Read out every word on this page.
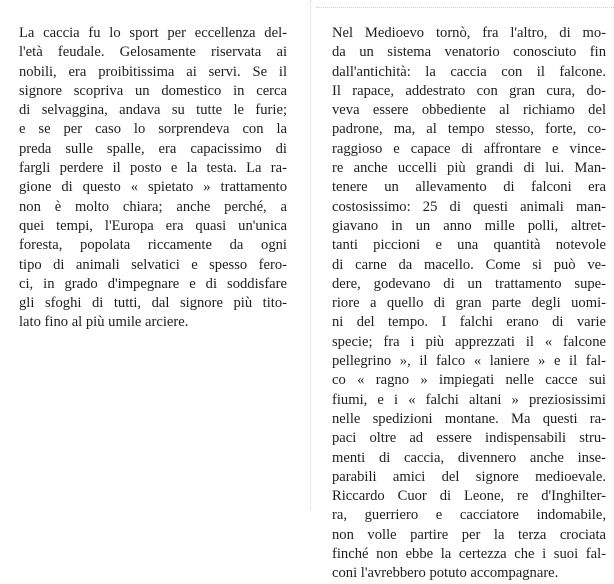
La caccia fu lo sport per eccellenza del-
l'età feudale. Gelosamente riservata ai
nobili, era proibitissima ai servi. Se il
signore scopriva un domestico in cerca
di selvaggina, andava su tutte le furie;
e se per caso lo sorprendeva con la
preda sulle spalle, era capacissimo di
fargli perdere il posto e la testa. La ra-
gione di questo « spietato » trattamento
non è molto chiara; anche perché, a
quei tempi, l'Europa era quasi un'unica
foresta, popolata riccamente da ogni
tipo di animali selvatici e spesso fero-
ci, in grado d'impegnare e di soddisfare
gli sfoghi di tutti, dal signore più tito-
lato fino al più umile arciere.
Nel Medioevo tornò, fra l'altro, di mo-
da un sistema venatorio conosciuto fin
dall'antichità: la caccia con il falcone.
Il rapace, addestrato con gran cura, do-
veva essere obbediente al richiamo del
padrone, ma, al tempo stesso, forte, co-
raggioso e capace di affrontare e vince-
re anche uccelli più grandi di lui. Man-
tenere un allevamento di falconi era
costosissimo: 25 di questi animali man-
giavano in un anno mille polli, altret-
tanti piccioni e una quantità notevole
di carne da macello. Come si può ve-
dere, godevano di un trattamento supe-
riore a quello di gran parte degli uomi-
ni del tempo. I falchi erano di varie
specie; fra i più apprezzati il « falcone
pellegrino », il falco « laniere » e il fal-
co « ragno » impiegati nelle cacce sui
fiumi, e i « falchi altani » preziosissimi
nelle spedizioni montane. Ma questi ra-
paci oltre ad essere indispensabili stru-
menti di caccia, divennero anche inse-
parabili amici del signore medioevale.
Riccardo Cuor di Leone, re d'Inghilter-
ra, guerriero e cacciatore indomabile,
non volle partire per la terza crociata
finché non ebbe la certezza che i suoi fal-
coni l'avrebbero potuto accompagnare.
